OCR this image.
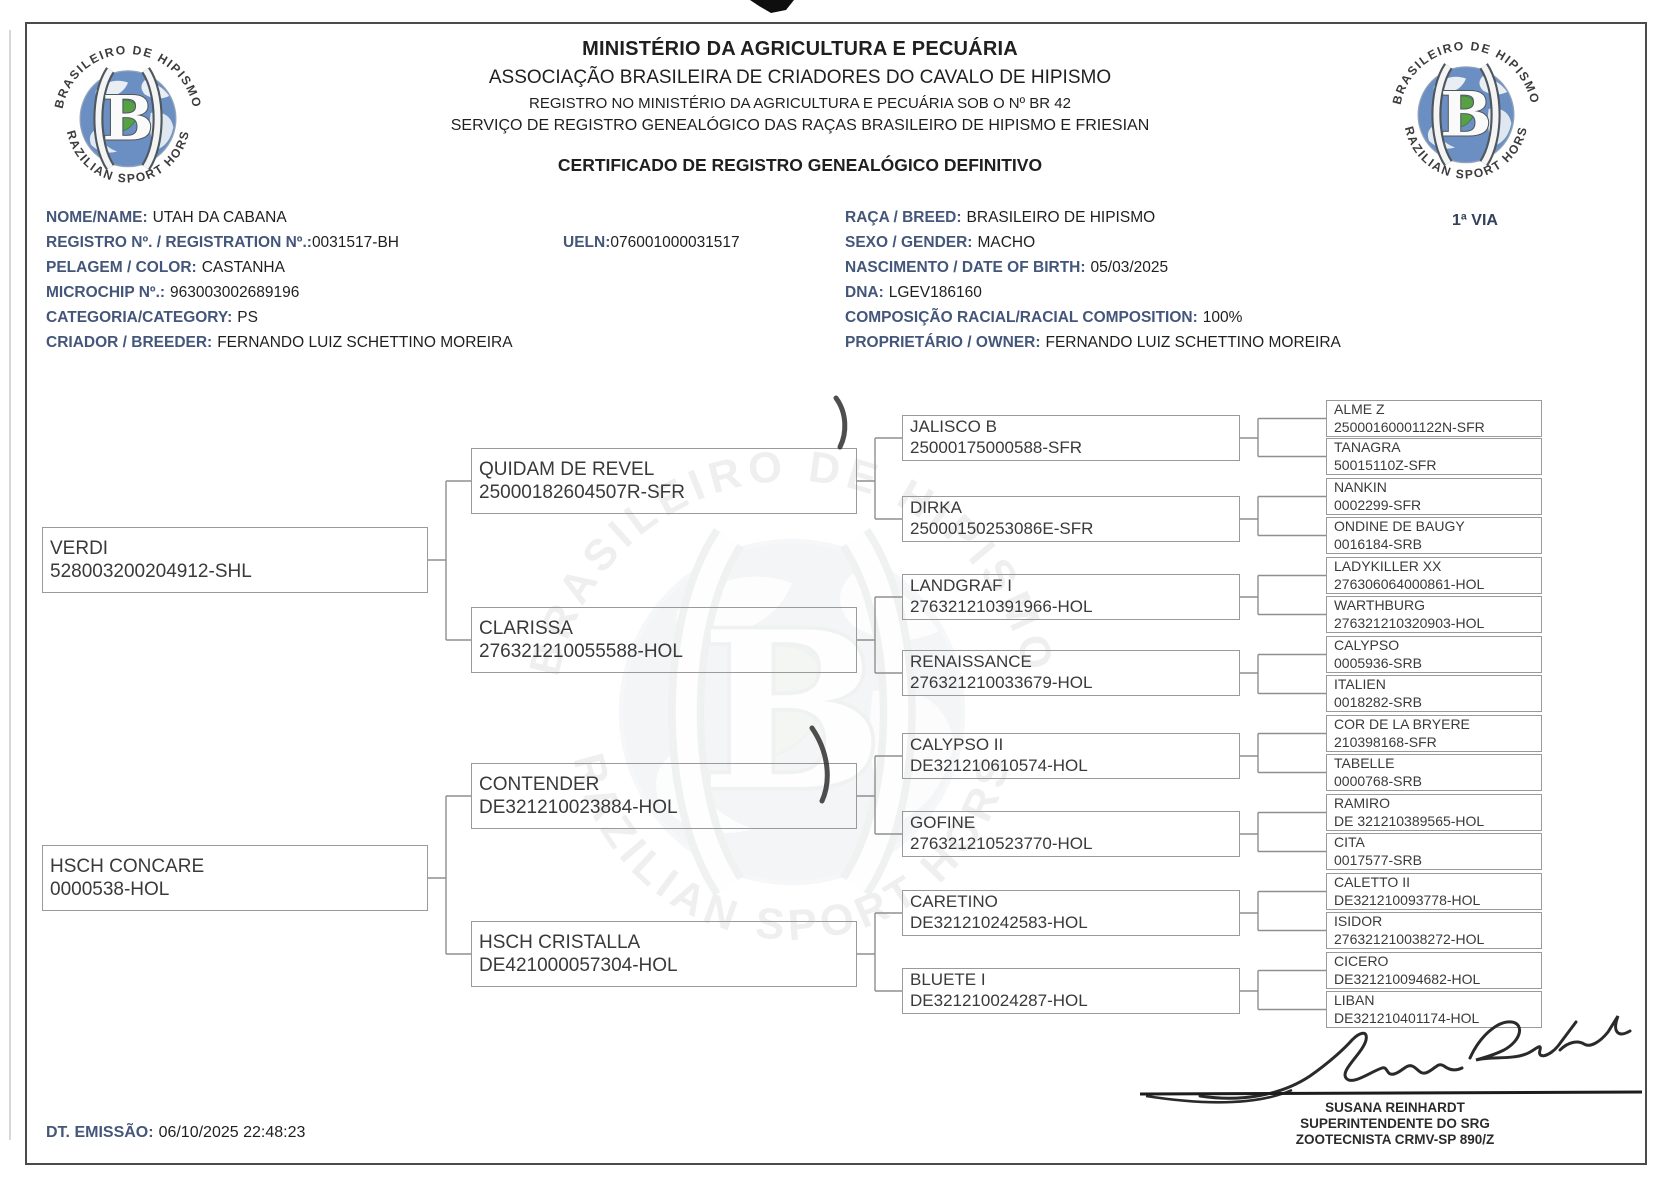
MINISTÉRIO DA AGRICULTURA E PECUÁRIA
ASSOCIAÇÃO BRASILEIRA DE CRIADORES DO CAVALO DE HIPISMO
REGISTRO NO MINISTÉRIO DA AGRICULTURA E PECUÁRIA SOB O Nº BR 42
SERVIÇO DE REGISTRO GENEALÓGICO DAS RAÇAS BRASILEIRO DE HIPISMO E FRIESIAN
CERTIFICADO DE REGISTRO GENEALÓGICO DEFINITIVO
NOME/NAME: UTAH DA CABANA
REGISTRO Nº. / REGISTRATION Nº.:0031517-BH	UELN:076001000031517
PELAGEM / COLOR: CASTANHA
MICROCHIP Nº.: 963003002689196
CATEGORIA/CATEGORY: PS
CRIADOR / BREEDER: FERNANDO LUIZ SCHETTINO MOREIRA
RAÇA / BREED: BRASILEIRO DE HIPISMO
SEXO / GENDER: MACHO
NASCIMENTO / DATE OF BIRTH: 05/03/2025
DNA: LGEV186160
COMPOSIÇÃO RACIAL/RACIAL COMPOSITION: 100%
PROPRIETÁRIO / OWNER: FERNANDO LUIZ SCHETTINO MOREIRA
1ª VIA
VERDI
528003200204912-SHL
HSCH CONCARE
0000538-HOL
QUIDAM DE REVEL
25000182604507R-SFR
CLARISSA
276321210055588-HOL
CONTENDER
DE321210023884-HOL
HSCH CRISTALLA
DE421000057304-HOL
JALISCO B
25000175000588-SFR
DIRKA
25000150253086E-SFR
LANDGRAF I
276321210391966-HOL
RENAISSANCE
276321210033679-HOL
CALYPSO II
DE321210610574-HOL
GOFINE
276321210523770-HOL
CARETINO
DE321210242583-HOL
BLUETE I
DE321210024287-HOL
ALME Z
25000160001122N-SFR
TANAGRA
50015110Z-SFR
NANKIN
0002299-SFR
ONDINE DE BAUGY
0016184-SRB
LADYKILLER XX
276306064000861-HOL
WARTHBURG
276321210320903-HOL
CALYPSO
0005936-SRB
ITALIEN
0018282-SRB
COR DE LA BRYERE
210398168-SFR
TABELLE
0000768-SRB
RAMIRO
DE 321210389565-HOL
CITA
0017577-SRB
CALETTO II
DE321210093778-HOL
ISIDOR
276321210038272-HOL
CICERO
DE321210094682-HOL
LIBAN
DE321210401174-HOL
SUSANA REINHARDT
SUPERINTENDENTE DO SRG
ZOOTECNISTA CRMV-SP 890/Z
DT. EMISSÃO: 06/10/2025 22:48:23
